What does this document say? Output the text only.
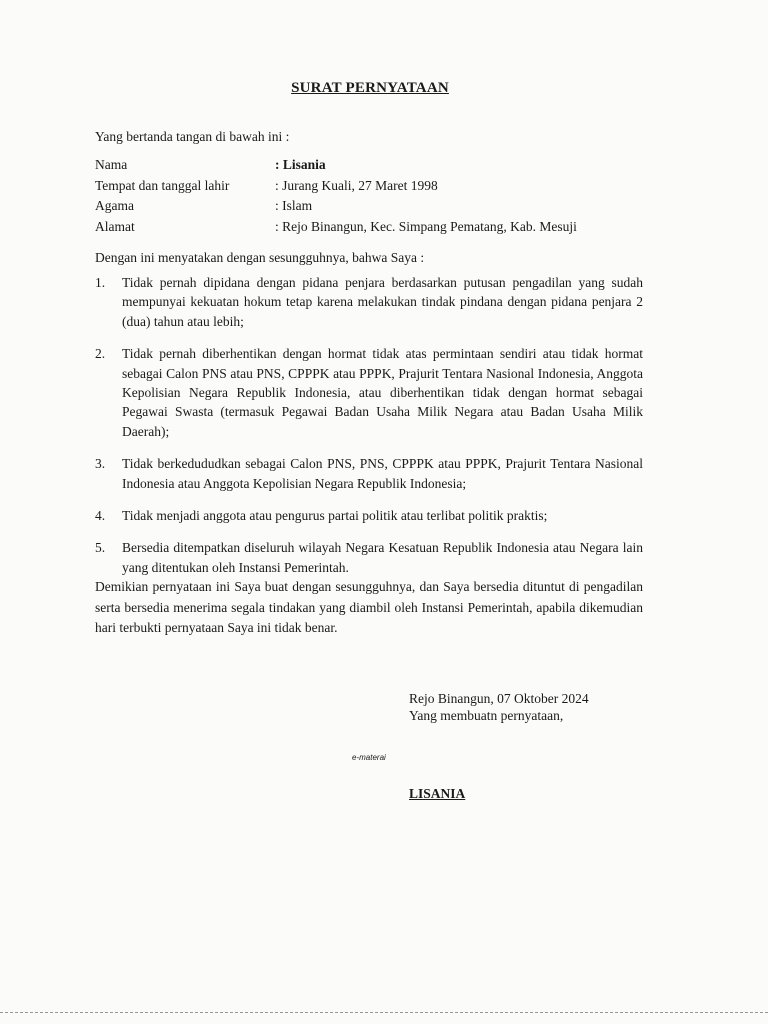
SURAT PERNYATAAN
Yang bertanda tangan di bawah ini :
Nama	: Lisania
Tempat dan tanggal lahir	: Jurang Kuali, 27 Maret 1998
Agama	: Islam
Alamat	: Rejo Binangun, Kec. Simpang Pematang, Kab. Mesuji
Dengan ini menyatakan dengan sesungguhnya, bahwa Saya :
1.	Tidak pernah dipidana dengan pidana penjara berdasarkan putusan pengadilan yang sudah mempunyai kekuatan hokum tetap karena melakukan tindak pindana dengan pidana penjara 2 (dua) tahun atau lebih;
2.	Tidak pernah diberhentikan dengan hormat tidak atas permintaan sendiri atau tidak hormat sebagai Calon PNS atau PNS, CPPPK atau PPPK, Prajurit Tentara Nasional Indonesia, Anggota Kepolisian Negara Republik Indonesia, atau diberhentikan tidak dengan hormat sebagai Pegawai Swasta (termasuk Pegawai Badan Usaha Milik Negara atau Badan Usaha Milik Daerah);
3.	Tidak berkedududkan sebagai Calon PNS, PNS, CPPPK atau PPPK, Prajurit Tentara Nasional Indonesia atau Anggota Kepolisian Negara Republik Indonesia;
4.	Tidak menjadi anggota atau pengurus partai politik atau terlibat politik praktis;
5.	Bersedia ditempatkan diseluruh wilayah Negara Kesatuan Republik Indonesia atau Negara lain yang ditentukan oleh Instansi Pemerintah.
Demikian pernyataan ini Saya buat dengan sesungguhnya, dan Saya bersedia dituntut di pengadilan serta bersedia menerima segala tindakan yang diambil oleh Instansi Pemerintah, apabila dikemudian hari terbukti pernyataan Saya ini tidak benar.
Rejo Binangun, 07 Oktober 2024
Yang membuatn pernyataan,
e-materai
LISANIA
